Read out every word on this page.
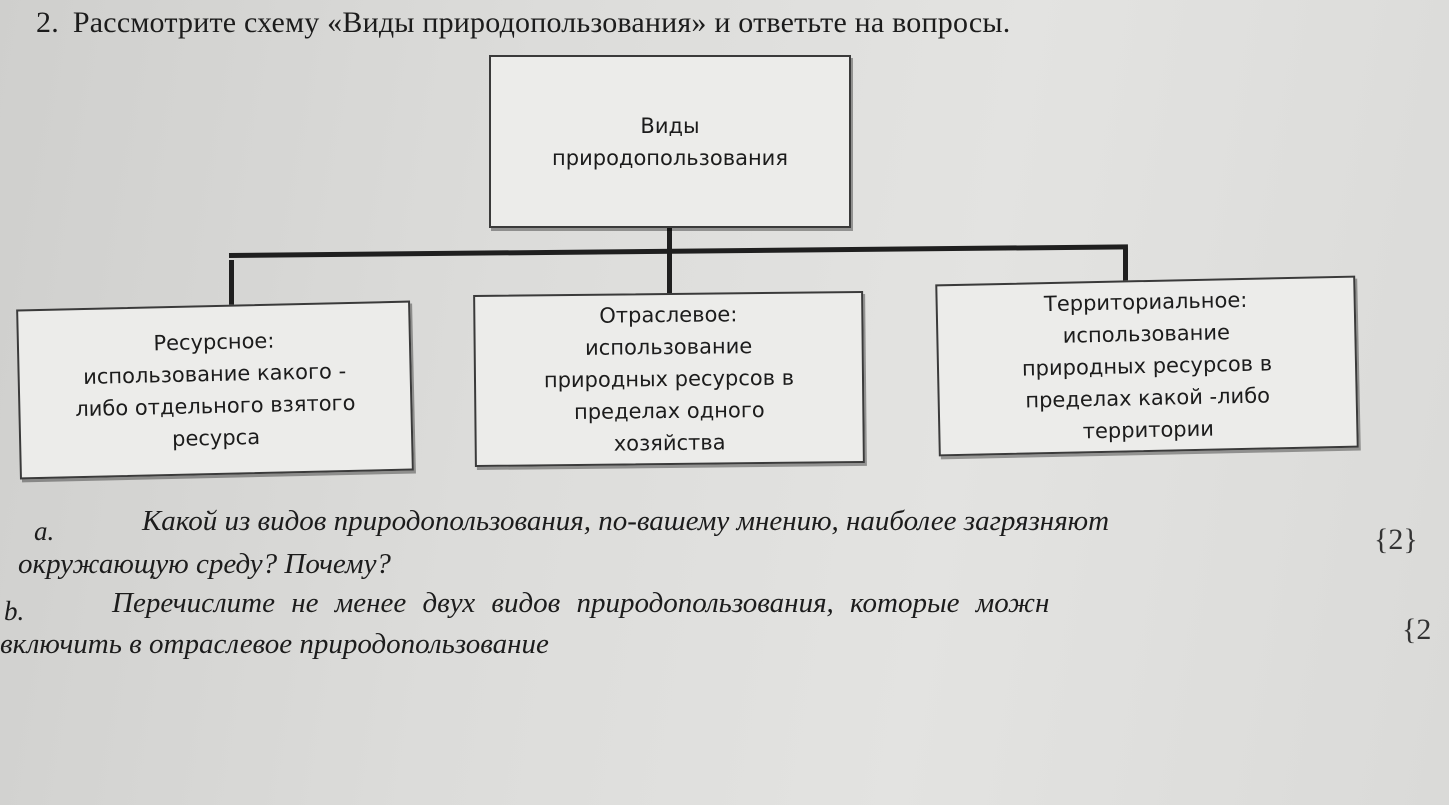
2. Рассмотрите схему «Виды природопользования» и ответьте на вопросы.
Виды
природопользования
Ресурсное:
использование какого -
либо отдельного взятого
ресурса
Отраслевое:
использование
природных ресурсов в
пределах одного
хозяйства
Территориальное:
использование
природных ресурсов в
пределах какой -либо
территории
a.	Какой из видов природопользования, по-вашему мнению, наиболее загрязняют
окружающую среду? Почему?
{2}
b.	Перечислите не менее двух видов природопользования, которые можн
включить в отраслевое природопользование	{2
